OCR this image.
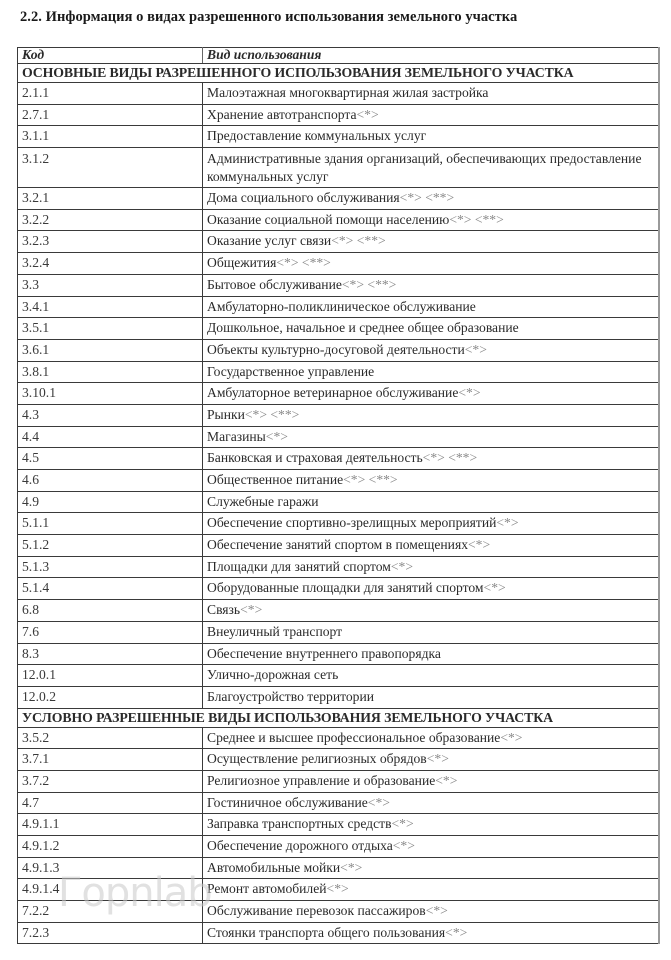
2.2. Информация о видах разрешенного использования земельного участка
Код	Вид использования
ОСНОВНЫЕ ВИДЫ РАЗРЕШЕННОГО ИСПОЛЬЗОВАНИЯ ЗЕМЕЛЬНОГО УЧАСТКА	
2.1.1	Малоэтажная многоквартирная жилая застройка
2.7.1	Хранение автотранспорта<*>
3.1.1	Предоставление коммунальных услуг
3.1.2	Административные здания организаций, обеспечивающих предоставление коммунальных услуг
3.2.1	Дома социального обслуживания<*> <**>
3.2.2	Оказание социальной помощи населению<*> <**>
3.2.3	Оказание услуг связи<*> <**>
3.2.4	Общежития<*> <**>
3.3	Бытовое обслуживание<*> <**>
3.4.1	Амбулаторно-поликлиническое обслуживание
3.5.1	Дошкольное, начальное и среднее общее образование
3.6.1	Объекты культурно-досуговой деятельности<*>
3.8.1	Государственное управление
3.10.1	Амбулаторное ветеринарное обслуживание<*>
4.3	Рынки<*> <**>
4.4	Магазины<*>
4.5	Банковская и страховая деятельность<*> <**>
4.6	Общественное питание<*> <**>
4.9	Служебные гаражи
5.1.1	Обеспечение спортивно-зрелищных мероприятий<*>
5.1.2	Обеспечение занятий спортом в помещениях<*>
5.1.3	Площадки для занятий спортом<*>
5.1.4	Оборудованные площадки для занятий спортом<*>
6.8	Связь<*>
7.6	Внеуличный транспорт
8.3	Обеспечение внутреннего правопорядка
12.0.1	Улично-дорожная сеть
12.0.2	Благоустройство территории
УСЛОВНО РАЗРЕШЕННЫЕ ВИДЫ ИСПОЛЬЗОВАНИЯ ЗЕМЕЛЬНОГО УЧАСТКА	
3.5.2	Среднее и высшее профессиональное образование<*>
3.7.1	Осуществление религиозных обрядов<*>
3.7.2	Религиозное управление и образование<*>
4.7	Гостиничное обслуживание<*>
4.9.1.1	Заправка транспортных средств<*>
4.9.1.2	Обеспечение дорожного отдыха<*>
4.9.1.3	Автомобильные мойки<*>
4.9.1.4	Ремонт автомобилей<*>
7.2.2	Обслуживание перевозок пассажиров<*>
7.2.3	Стоянки транспорта общего пользования<*>
Горnlab
